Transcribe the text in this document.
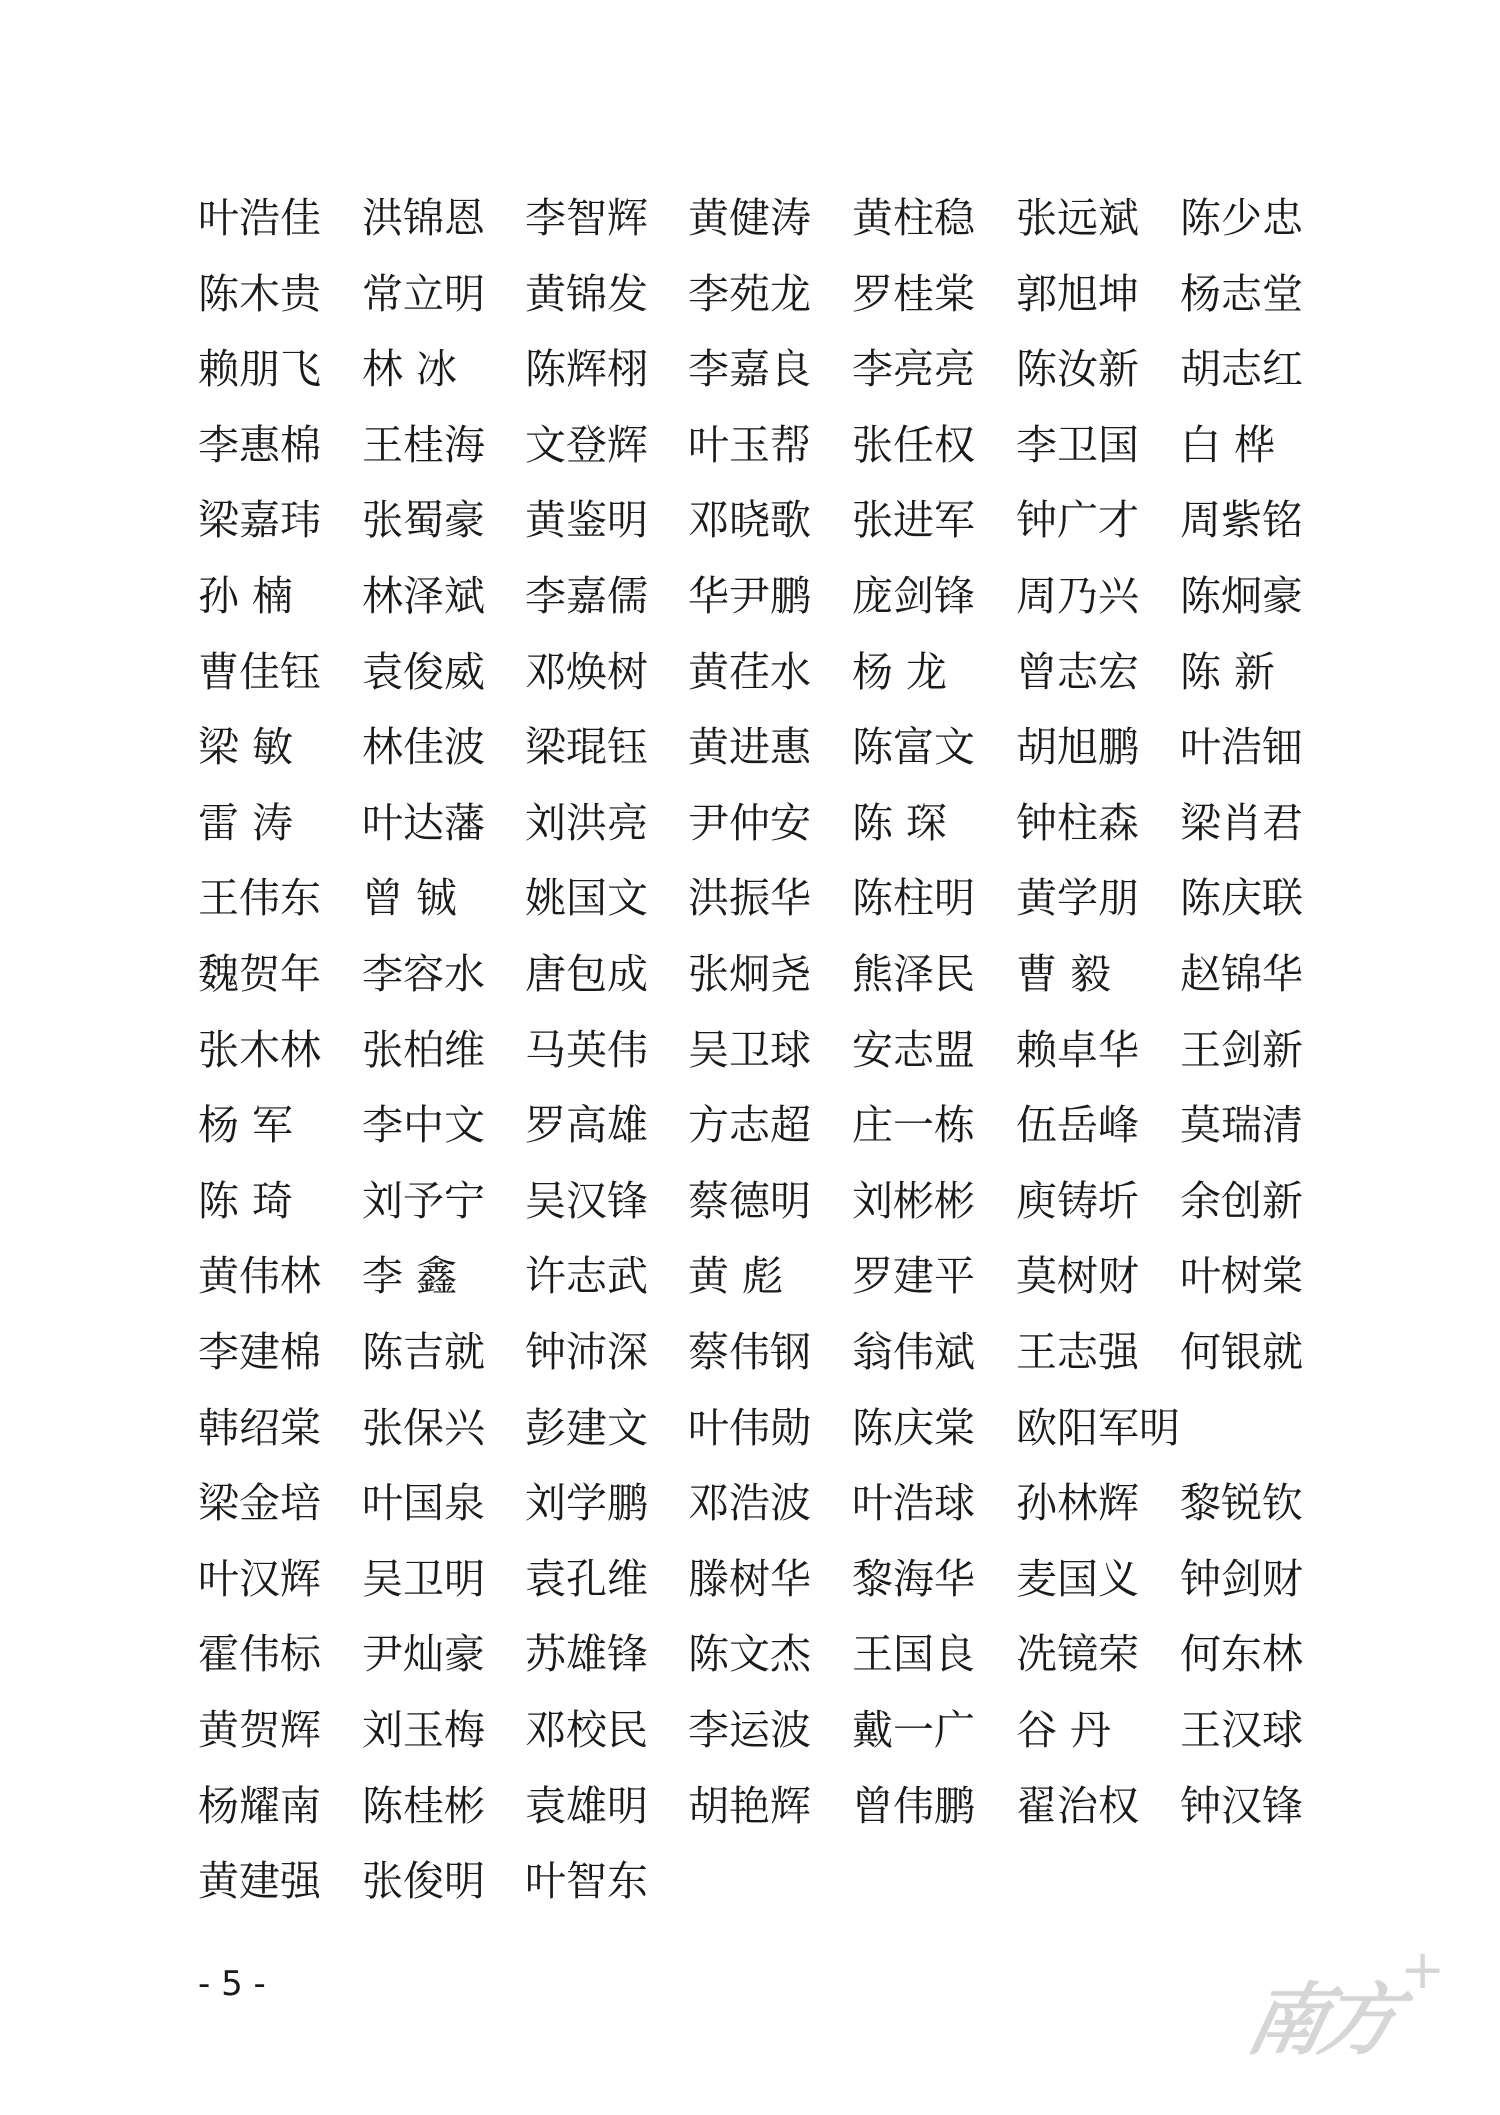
叶浩佳 洪锦恩 李智辉 黄健涛 黄柱稳 张远斌 陈少忠
陈木贵 常立明 黄锦发 李苑龙 罗桂棠 郭旭坤 杨志堂
赖朋飞 林 冰 陈辉栩 李嘉良 李亮亮 陈汝新 胡志红
李惠棉 王桂海 文登辉 叶玉帮 张任权 李卫国 白 桦
梁嘉玮 张蜀豪 黄鉴明 邓晓歌 张进军 钟广才 周紫铭
孙 楠 林泽斌 李嘉儒 华尹鹏 庞剑锋 周乃兴 陈炯豪
曹佳钰 袁俊威 邓焕树 黄荏水 杨 龙 曾志宏 陈 新
梁 敏 林佳波 梁琨钰 黄进惠 陈富文 胡旭鹏 叶浩钿
雷 涛 叶达藩 刘洪亮 尹仲安 陈 琛 钟柱森 梁肖君
王伟东 曾 铖 姚国文 洪振华 陈柱明 黄学朋 陈庆联
魏贺年 李容水 唐包成 张炯尧 熊泽民 曹 毅 赵锦华
张木林 张柏维 马英伟 吴卫球 安志盟 赖卓华 王剑新
杨 军 李中文 罗高雄 方志超 庄一栋 伍岳峰 莫瑞清
陈 琦 刘予宁 吴汉锋 蔡德明 刘彬彬 庾铸圻 余创新
黄伟林 李 鑫 许志武 黄 彪 罗建平 莫树财 叶树棠
李建棉 陈吉就 钟沛深 蔡伟钢 翁伟斌 王志强 何银就
韩绍棠 张保兴 彭建文 叶伟勋 陈庆棠 欧阳军明
梁金培 叶国泉 刘学鹏 邓浩波 叶浩球 孙林辉 黎锐钦
叶汉辉 吴卫明 袁孔维 滕树华 黎海华 麦国义 钟剑财
霍伟标 尹灿豪 苏雄锋 陈文杰 王国良 冼镜荣 何东林
黄贺辉 刘玉梅 邓校民 李运波 戴一广 谷 丹 王汉球
杨耀南 陈桂彬 袁雄明 胡艳辉 曾伟鹏 翟治权 钟汉锋
黄建强 张俊明 叶智东
- 5 -	南方
+
